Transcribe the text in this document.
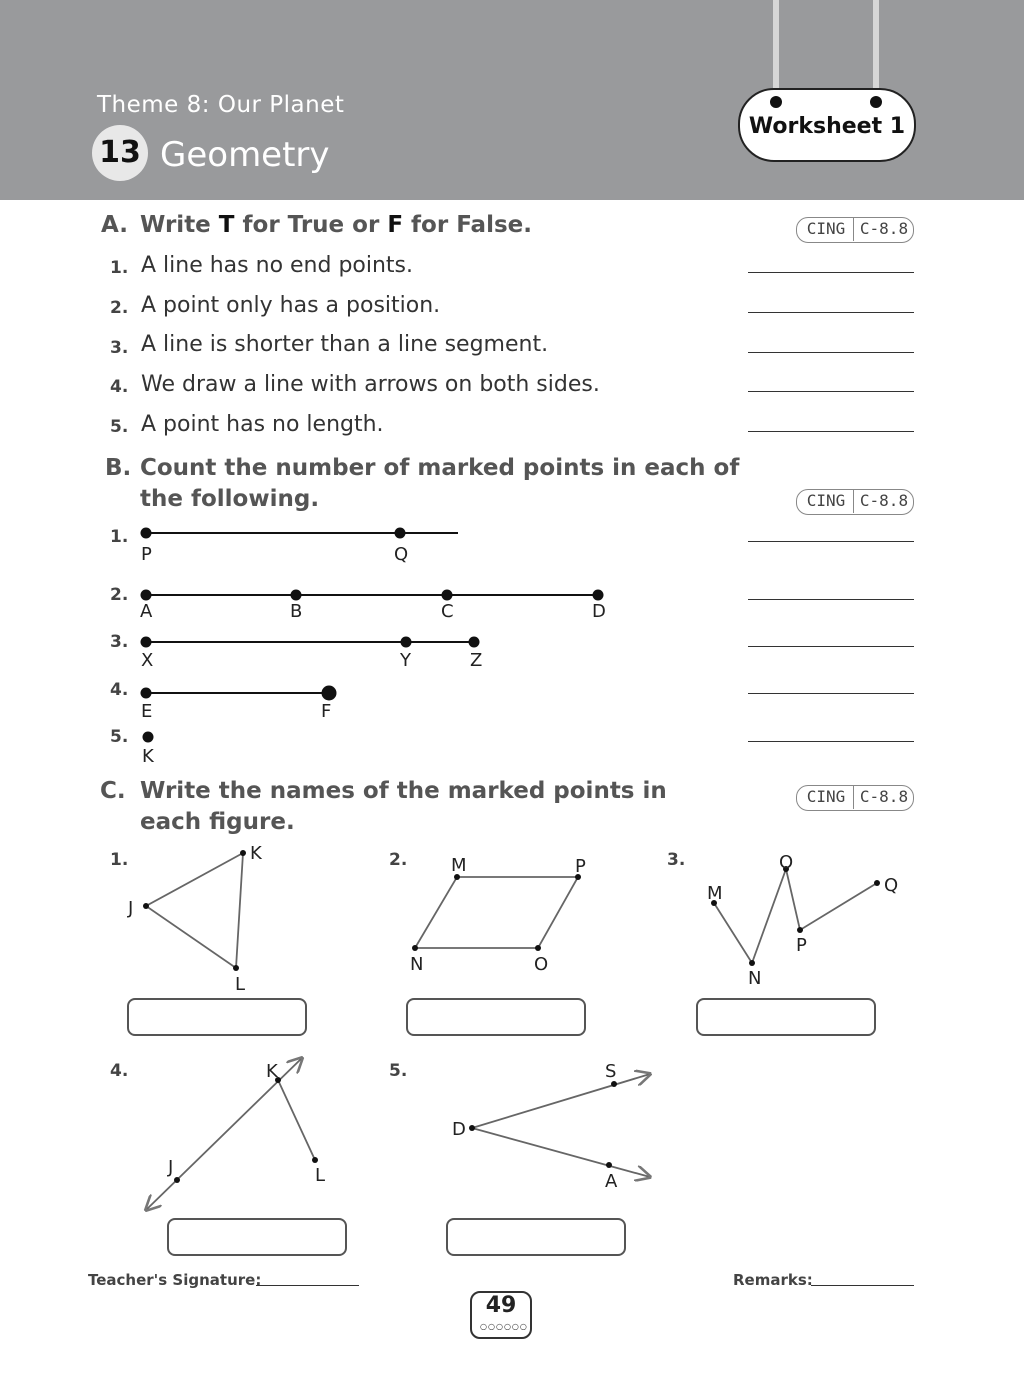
Theme 8: Our Planet
13 Geometry
Worksheet 1
A. Write T for True or F for False.	CING C-8.8
1. A line has no end points.
2. A point only has a position.
3. A line is shorter than a line segment.
4. We draw a line with arrows on both sides.
5. A point has no length.
B. Count the number of marked points in each of
the following.	CING C-8.8
1.
2.
3.
4.
5.
P	Q
A	B	C	D
X	Y	Z
E	F
K
C. Write the names of the marked points in
each figure.
CING C-8.8
1.	2.	3.
4.	5.
K
J
L
M	P
N	O
O
Q
M
P
N
K
J	L
S
D
A
Teacher's Signature:	Remarks:
49
○○○○○○
